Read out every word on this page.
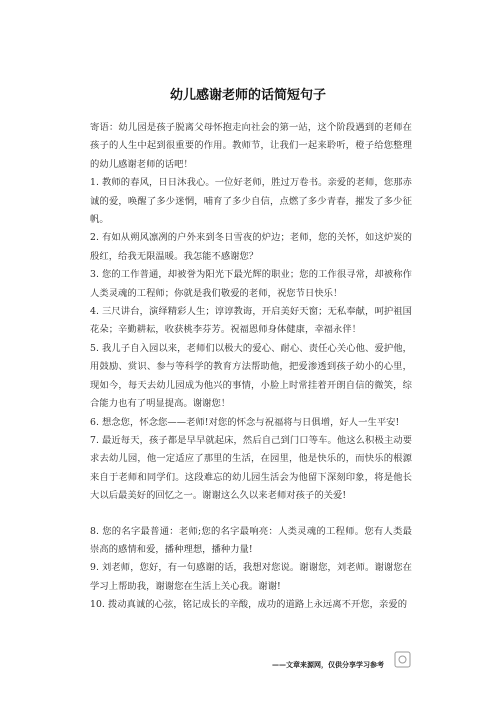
幼儿感谢老师的话简短句子

寄语：幼儿园是孩子脱离父母怀抱走向社会的第一站，这个阶段遇到的老师在孩子的人生中起到很重要的作用。教师节，让我们一起来聆听，橙子给您整理的幼儿感谢老师的话吧！

1. 教师的春风，日日沐我心。一位好老师，胜过万卷书。亲爱的老师，您那赤诚的爱，唤醒了多少迷惘，哺育了多少自信，点燃了多少青春，摧发了多少征帆。

2. 有如从朔风凛冽的户外来到冬日雪夜的炉边；老师，您的关怀，如这炉炭的殷红，给我无限温暖。我怎能不感谢您？

3. 您的工作普通，却被誉为阳光下最光辉的职业；您的工作很寻常，却被称作人类灵魂的工程师；你就是我们敬爱的老师，祝您节日快乐！

4. 三尺讲台，演绎精彩人生；谆谆教诲，开启美好天窗；无私奉献，呵护祖国花朵；辛勤耕耘，收获桃李芬芳。祝福恩师身体健康，幸福永伴！

5. 我儿子自入园以来，老师们以极大的爱心、耐心、责任心关心他、爱护他，用鼓励、赏识、参与等科学的教育方法帮助他，把爱渗透到孩子幼小的心里，现如今，每天去幼儿园成为他兴的事情，小脸上时常挂着开朗自信的微笑，综合能力也有了明显提高。谢谢您！

6. 想念您，怀念您——老师!对您的怀念与祝福将与日俱增，好人一生平安!

7. 最近每天，孩子都是早早就起床，然后自己到门口等车。他这么积极主动要求去幼儿园，他一定适应了那里的生活，在园里，他是快乐的，而快乐的根源来自于老师和同学们。这段难忘的幼儿园生活会为他留下深刻印象，将是他长大以后最美好的回忆之一。谢谢这么久以来老师对孩子的关爱!

8. 您的名字最普通：老师;您的名字最响亮：人类灵魂的工程师。您有人类最崇高的感情和爱，播种理想，播种力量!

9. 刘老师，您好，有一句感谢的话，我想对您说。谢谢您，刘老师。谢谢您在学习上帮助我，谢谢您在生活上关心我。谢谢!

10. 拨动真诚的心弦，铭记成长的辛酸，成功的道路上永远离不开您，亲爱的

——文章来源网，仅供分享学习参考
